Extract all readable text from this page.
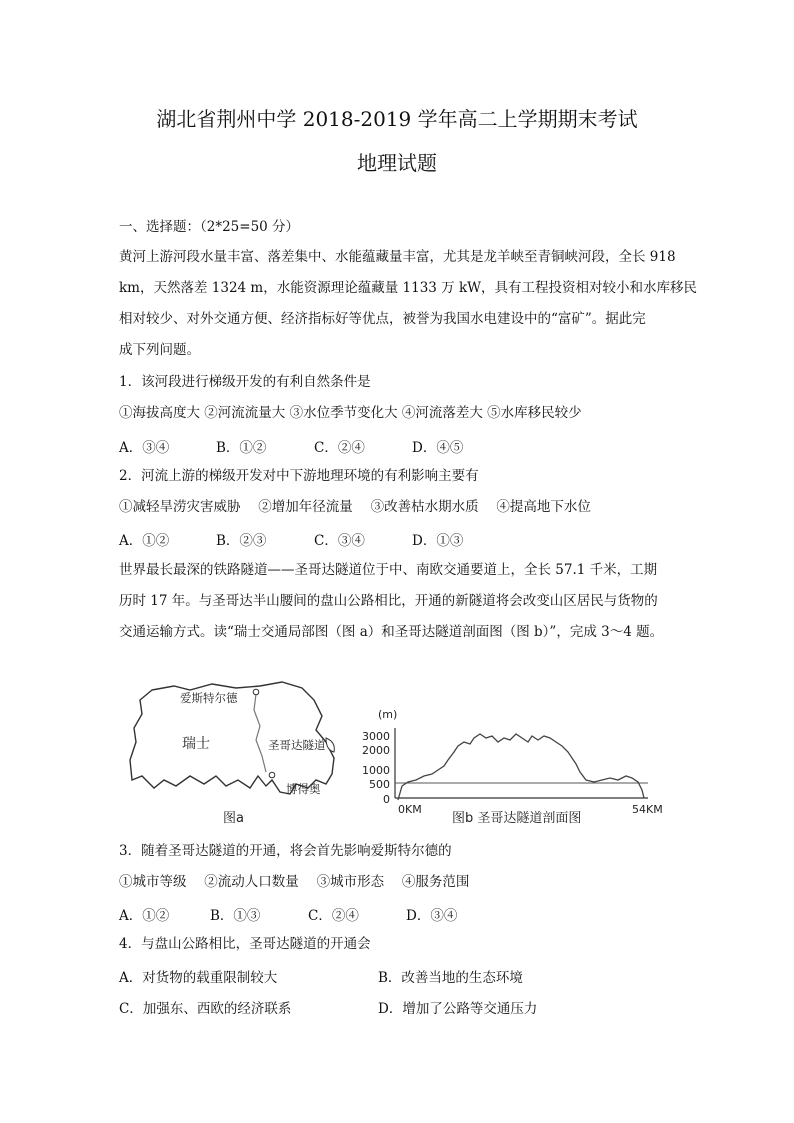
湖北省荆州中学 2018-2019 学年高二上学期期末考试
地理试题
一、选择题：（2*25=50 分）
黄河上游河段水量丰富、落差集中、水能蕴藏量丰富，尤其是龙羊峡至青铜峡河段，全长 918
km，天然落差 1324 m，水能资源理论蕴藏量 1133 万 kW，具有工程投资相对较小和水库移民
相对较少、对外交通方便、经济指标好等优点，被誉为我国水电建设中的“富矿”。据此完
成下列问题。
1．该河段进行梯级开发的有利自然条件是
①海拔高度大 ②河流流量大 ③水位季节变化大 ④河流落差大 ⑤水库移民较少
A．③④	B．①②	C．②④	D．④⑤
2．河流上游的梯级开发对中下游地理环境的有利影响主要有
①减轻旱涝灾害威胁　 ②增加年径流量　 ③改善枯水期水质　 ④提高地下水位
A．①②	B．②③	C．③④	D．①③
世界最长最深的铁路隧道——圣哥达隧道位于中、南欧交通要道上，全长 57.1 千米，工期
历时 17 年。与圣哥达半山腰间的盘山公路相比，开通的新隧道将会改变山区居民与货物的
交通运输方式。读“瑞士交通局部图（图 a）和圣哥达隧道剖面图（图 b）”，完成 3～4 题。
爱斯特尔德
瑞士	圣哥达隧道
博得奥
图a
(m)
3000
2000
1000
500
0
0KM	54KM
图b 圣哥达隧道剖面图
3．随着圣哥达隧道的开通，将会首先影响爱斯特尔德的
①城市等级　 ②流动人口数量　 ③城市形态　 ④服务范围
A．①②	B．①③	C．②④	D．③④
4．与盘山公路相比，圣哥达隧道的开通会
A．对货物的载重限制较大	B．改善当地的生态环境
C．加强东、西欧的经济联系	D．增加了公路等交通压力
